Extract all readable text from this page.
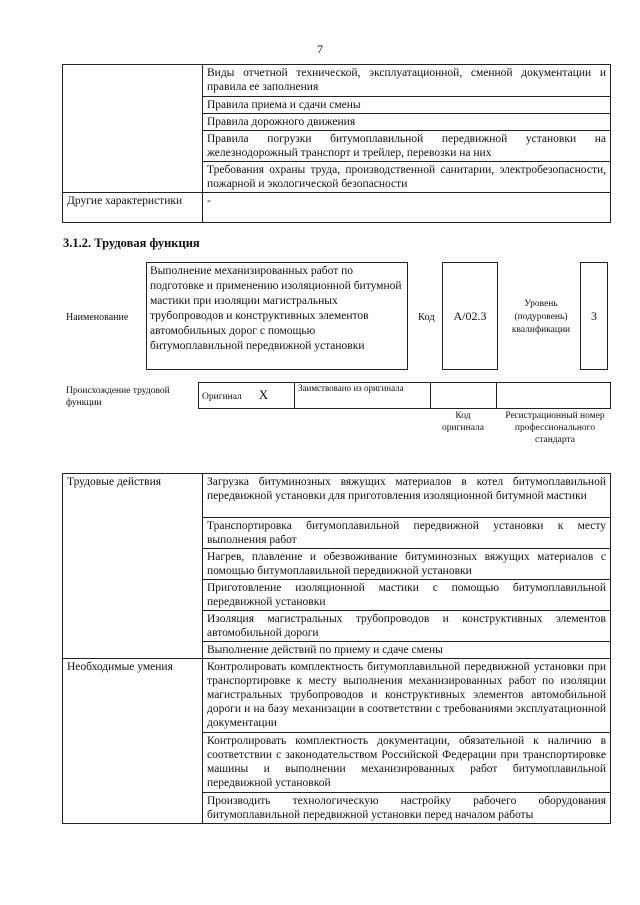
7
	Виды отчетной технической, эксплуатационной, сменной документации и правила ее заполнения
	Правила приема и сдачи смены
	Правила дорожного движения
	Правила погрузки битумоплавильной передвижной установки на железнодорожный транспорт и трейлер, перевозки на них
	Требования охраны труда, производственной санитарии, электробезопасности, пожарной и экологической безопасности
Другие характеристики	-
3.1.2. Трудовая функция
Наименование
Выполнение механизированных работ по подготовке и применению изоляционной битумной мастики при изоляции магистральных трубопроводов и конструктивных элементов автомобильных дорог с помощью битумоплавильной передвижной установки
Код A/02.3
Уровень (подуровень) квалификации
3
Происхождение трудовой функции
Оригинал X	Заимствовано из оригинала		
Код оригинала
Регистрационный номер профессионального стандарта
Трудовые действия	Загрузка битуминозных вяжущих материалов в котел битумоплавильной передвижной установки для приготовления изоляционной битумной мастики
	Транспортировка битумоплавильной передвижной установки к месту выполнения работ
	Нагрев, плавление и обезвоживание битуминозных вяжущих материалов с помощью битумоплавильной передвижной установки
	Приготовление изоляционной мастики с помощью битумоплавильной передвижной установки
	Изоляция магистральных трубопроводов и конструктивных элементов автомобильной дороги
	Выполнение действий по приему и сдаче смены
Необходимые умения	Контролировать комплектность битумоплавильной передвижной установки при транспортировке к месту выполнения механизированных работ по изоляции магистральных трубопроводов и конструктивных элементов автомобильной дороги и на базу механизации в соответствии с требованиями эксплуатационной документации
	Контролировать комплектность документации, обязательной к наличию в соответствии с законодательством Российской Федерации при транспортировке машины и выполнении механизированных работ битумоплавильной передвижной установкой
	Производить технологическую настройку рабочего оборудования битумоплавильной передвижной установки перед началом работы
